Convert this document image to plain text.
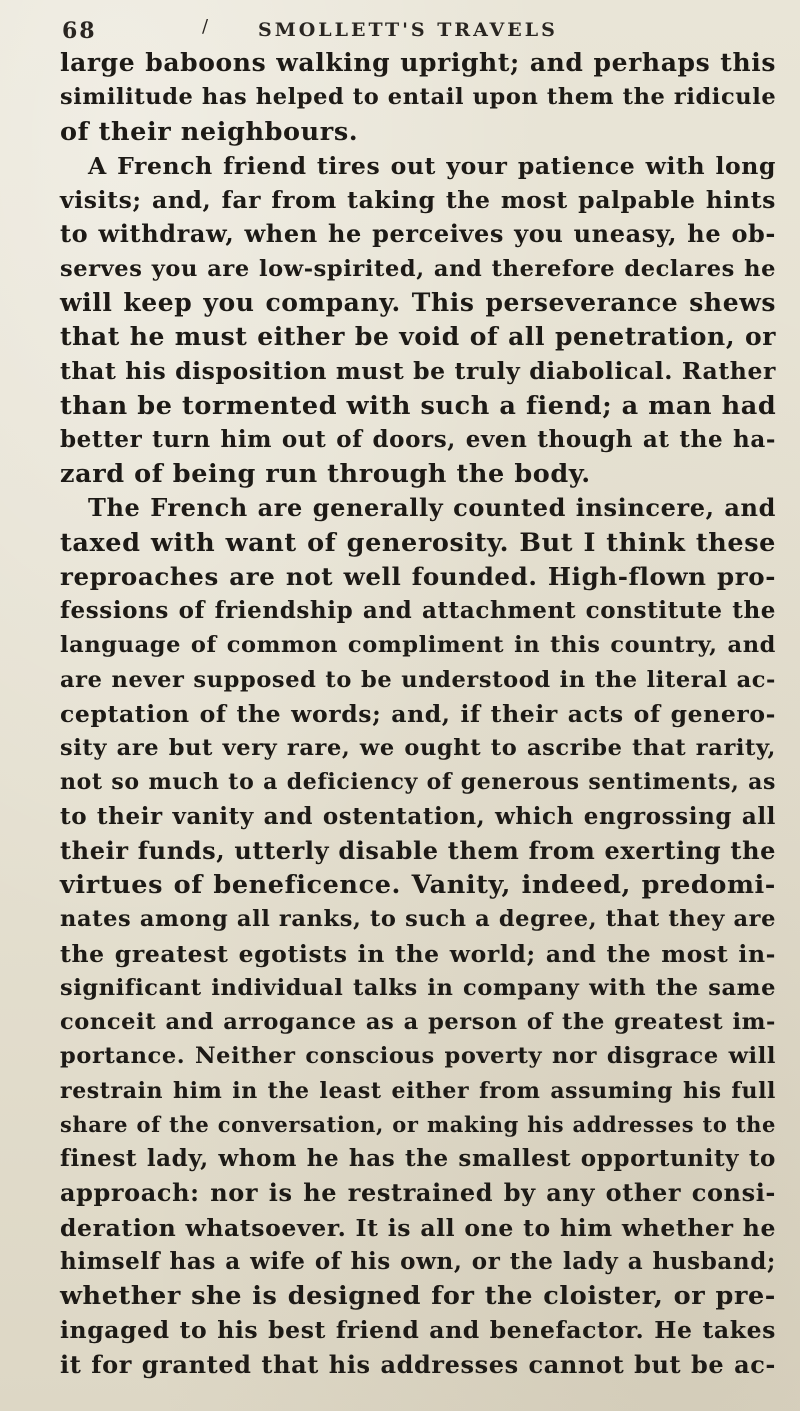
68	/	SMOLLETT'S TRAVELS
large baboons walking upright; and perhaps this
similitude has helped to entail upon them the ridicule
of their neighbours.
A French friend tires out your patience with long
visits; and, far from taking the most palpable hints
to withdraw, when he perceives you uneasy, he ob-
serves you are low-spirited, and therefore declares he
will keep you company. This perseverance shews
that he must either be void of all penetration, or
that his disposition must be truly diabolical. Rather
than be tormented with such a fiend; a man had
better turn him out of doors, even though at the ha-
zard of being run through the body.
The French are generally counted insincere, and
taxed with want of generosity. But I think these
reproaches are not well founded. High-flown pro-
fessions of friendship and attachment constitute the
language of common compliment in this country, and
are never supposed to be understood in the literal ac-
ceptation of the words; and, if their acts of genero-
sity are but very rare, we ought to ascribe that rarity,
not so much to a deficiency of generous sentiments, as
to their vanity and ostentation, which engrossing all
their funds, utterly disable them from exerting the
virtues of beneficence. Vanity, indeed, predomi-
nates among all ranks, to such a degree, that they are
the greatest egotists in the world; and the most in-
significant individual talks in company with the same
conceit and arrogance as a person of the greatest im-
portance. Neither conscious poverty nor disgrace will
restrain him in the least either from assuming his full
share of the conversation, or making his addresses to the
finest lady, whom he has the smallest opportunity to
approach: nor is he restrained by any other consi-
deration whatsoever. It is all one to him whether he
himself has a wife of his own, or the lady a husband;
whether she is designed for the cloister, or pre-
ingaged to his best friend and benefactor. He takes
it for granted that his addresses cannot but be ac-
